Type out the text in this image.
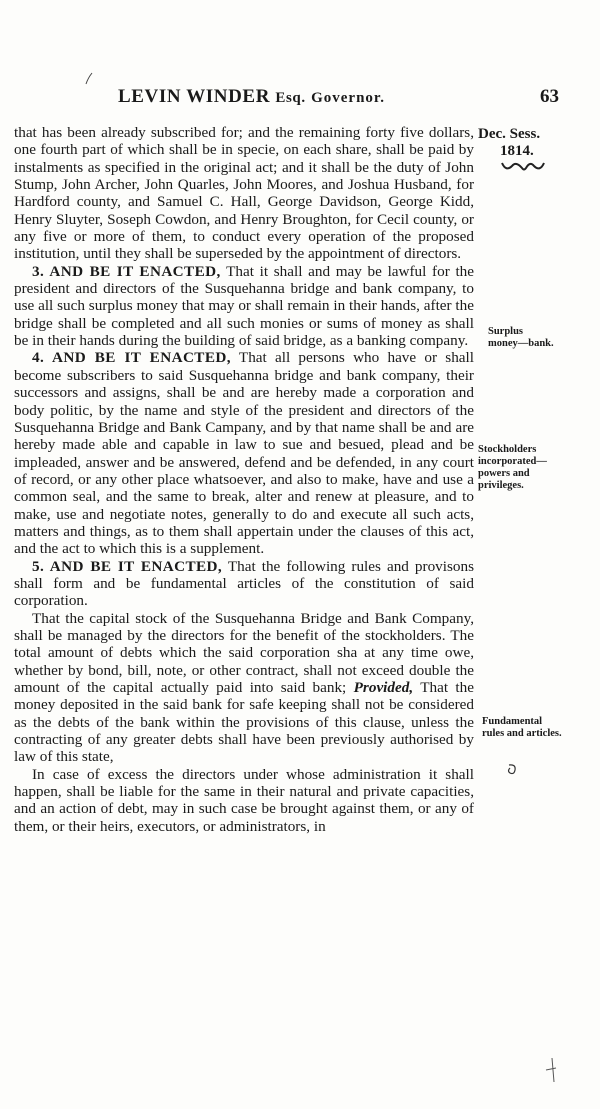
LEVIN WINDER Esq. Governor.	63
Dec. Sess.
1814.
Surplus money—bank.
Stockholders incorporated—powers and privileges.
Fundamental rules and articles.

that has been already subscribed for; and the remaining forty five dollars, one fourth part of which shall be in specie, on each share, shall be paid by instalments as specified in the original act; and it shall be the duty of John Stump, John Archer, John Quarles, John Moores, and Joshua Husband, for Hardford county, and Samuel C. Hall, George Davidson, George Kidd, Henry Sluyter, Soseph Cowdon, and Henry Broughton, for Cecil county, or any five or more of them, to conduct every operation of the proposed institution, until they shall be superseded by the appointment of directors.

3. AND BE IT ENACTED, That it shall and may be lawful for the president and directors of the Susquehanna bridge and bank company, to use all such surplus money that may or shall remain in their hands, after the bridge shall be completed and all such monies or sums of money as shall be in their hands during the building of said bridge, as a banking company.

4. AND BE IT ENACTED, That all persons who have or shall become subscribers to said Susquehanna bridge and bank company, their successors and assigns, shall be and are hereby made a corporation and body politic, by the name and style of the president and directors of the Susquehanna Bridge and Bank Campany, and by that name shall be and are hereby made able and capable in law to sue and besued, plead and be impleaded, answer and be answered, defend and be defended, in any court of record, or any other place whatsoever, and also to make, have and use a common seal, and the same to break, alter and renew at pleasure, and to make, use and negotiate notes, generally to do and execute all such acts, matters and things, as to them shall appertain under the clauses of this act, and the act to which this is a supplement.

5. AND BE IT ENACTED, That the following rules and provisons shall form and be fundamental articles of the constitution of said corporation.

That the capital stock of the Susquehanna Bridge and Bank Company, shall be managed by the directors for the benefit of the stockholders. The total amount of debts which the said corporation sha at any time owe, whether by bond, bill, note, or other contract, shall not exceed double the amount of the capital actually paid into said bank; Provided, That the money deposited in the said bank for safe keeping shall not be considered as the debts of the bank within the provisions of this clause, unless the contracting of any greater debts shall have been previously authorised by law of this state,

In case of excess the directors under whose administration it shall happen, shall be liable for the same in their natural and private capacities, and an action of debt, may in such case be brought against them, or any of them, or their heirs, executors, or administrators, in
